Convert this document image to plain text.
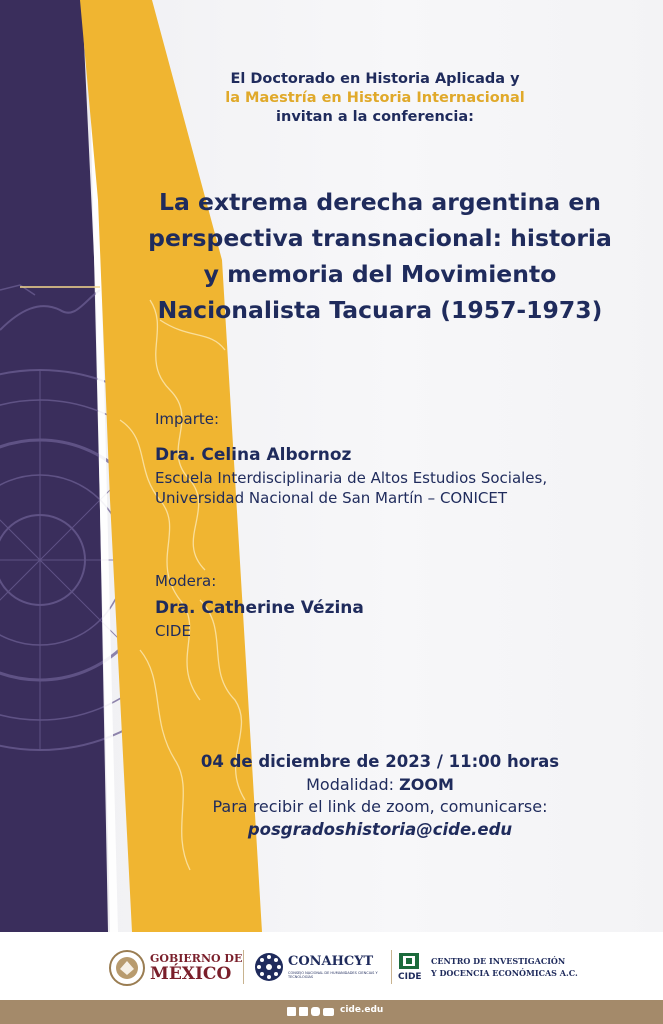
El Doctorado en Historia Aplicada y
la Maestría en Historia Internacional
invitan a la conferencia:
La extrema derecha argentina en
perspectiva transnacional: historia
y memoria del Movimiento
Nacionalista Tacuara (1957-1973)
Imparte:
Dra. Celina Albornoz
Escuela Interdisciplinaria de Altos Estudios Sociales,
Universidad Nacional de San Martín – CONICET
Modera:
Dra. Catherine Vézina
CIDE
04 de diciembre de 2023 / 11:00 horas
Modalidad: ZOOM
Para recibir el link de zoom, comunicarse:
posgradoshistoria@cide.edu
GOBIERNO DE
MÉXICO
CONAHCYT
CONSEJO NACIONAL DE HUMANIDADES CIENCIAS Y TECNOLOGÍAS	CIDE
CENTRO DE INVESTIGACIÓN
Y DOCENCIA ECONÓMICAS A.C.
cide.edu
